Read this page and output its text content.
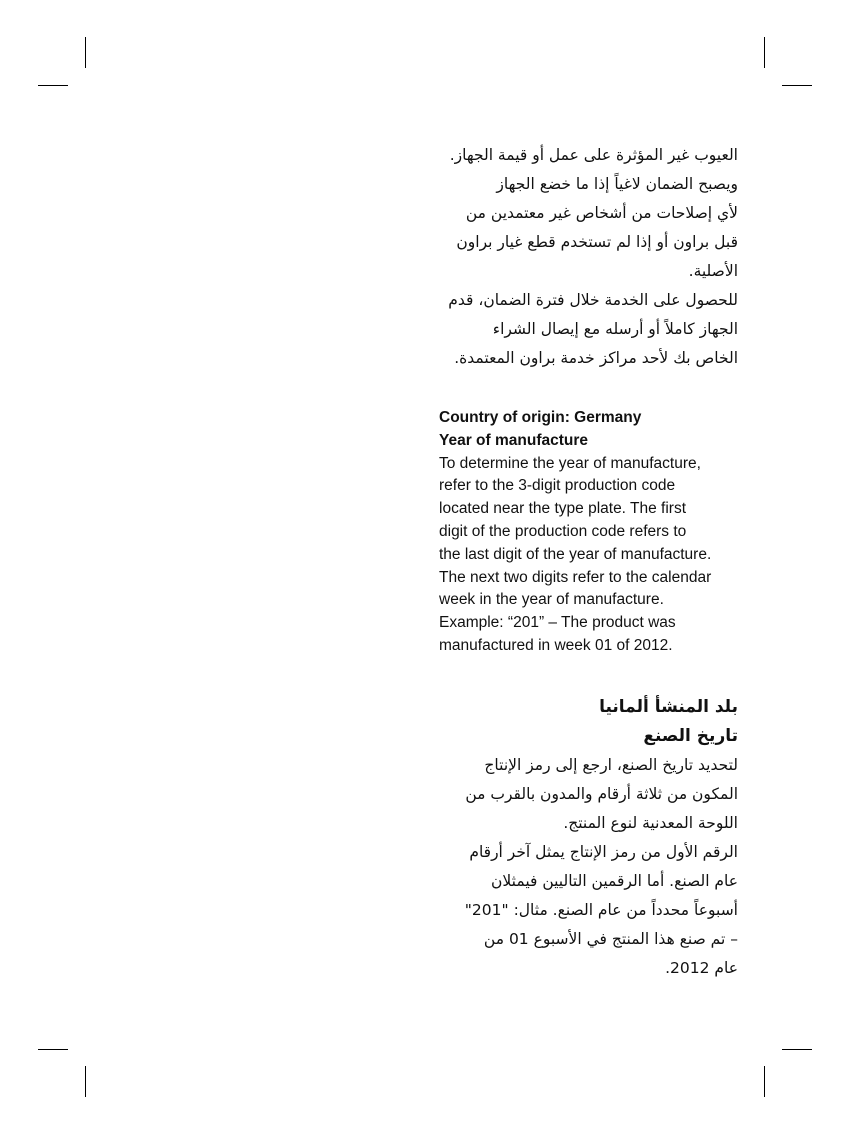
العيوب غير المؤثرة على عمل أو قيمة الجهاز.
ويصبح الضمان لاغياً إذا ما خضع الجهاز
لأي إصلاحات من أشخاص غير معتمدين من
قبل براون أو إذا لم تستخدم قطع غيار براون
الأصلية.
للحصول على الخدمة خلال فترة الضمان، قدم
الجهاز كاملاً أو أرسله مع إيصال الشراء
الخاص بك لأحد مراكز خدمة براون المعتمدة.
Country of origin: Germany
Year of manufacture
To determine the year of manufacture,
refer to the 3-digit production code
located near the type plate. The first
digit of the production code refers to
the last digit of the year of manufacture.
The next two digits refer to the calendar
week in the year of manufacture.
Example: “201” – The product was
manufactured in week 01 of 2012.
بلد المنشأ ألمانيا
تاريخ الصنع
لتحديد تاريخ الصنع، ارجع إلى رمز الإنتاج
المكون من ثلاثة أرقام والمدون بالقرب من
اللوحة المعدنية لنوع المنتج.
الرقم الأول من رمز الإنتاج يمثل آخر أرقام
عام الصنع. أما الرقمين التاليين فيمثلان
أسبوعاً محدداً من عام الصنع. مثال: "201"
– تم صنع هذا المنتج في الأسبوع 01 من
عام 2012.
